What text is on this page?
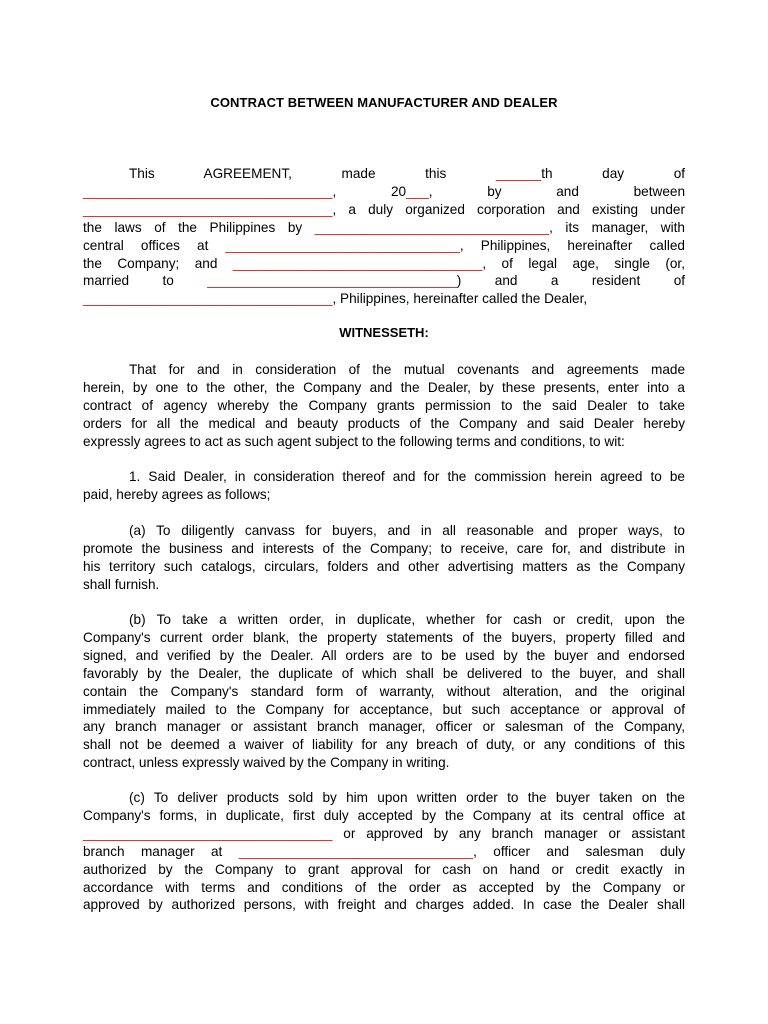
CONTRACT BETWEEN MANUFACTURER AND DEALER
This	AGREEMENT,	made	this	______th	day	of
_________________________________,	20___,	by	and	between
_________________________________, a duly organized corporation and existing under
the laws of the Philippines by _______________________________, its manager, with
central offices at _______________________________, Philippines, hereinafter called
the Company; and _________________________________, of legal age, single (or,
married to _________________________________) and a resident of
_________________________________, Philippines, hereinafter called the Dealer,
WITNESSETH:
That for and in consideration of the mutual covenants and agreements made
herein, by one to the other, the Company and the Dealer, by these presents, enter into a
contract of agency whereby the Company grants permission to the said Dealer to take
orders for all the medical and beauty products of the Company and said Dealer hereby
expressly agrees to act as such agent subject to the following terms and conditions, to wit:
1. Said Dealer, in consideration thereof and for the commission herein agreed to be
paid, hereby agrees as follows;
(a) To diligently canvass for buyers, and in all reasonable and proper ways, to
promote the business and interests of the Company; to receive, care for, and distribute in
his territory such catalogs, circulars, folders and other advertising matters as the Company
shall furnish.
(b) To take a written order, in duplicate, whether for cash or credit, upon the
Company's current order blank, the property statements of the buyers, property filled and
signed, and verified by the Dealer. All orders are to be used by the buyer and endorsed
favorably by the Dealer, the duplicate of which shall be delivered to the buyer, and shall
contain the Company's standard form of warranty, without alteration, and the original
immediately mailed to the Company for acceptance, but such acceptance or approval of
any branch manager or assistant branch manager, officer or salesman of the Company,
shall not be deemed a waiver of liability for any breach of duty, or any conditions of this
contract, unless expressly waived by the Company in writing.
(c) To deliver products sold by him upon written order to the buyer taken on the
Company's forms, in duplicate, first duly accepted by the Company at its central office at
_________________________________ or approved by any branch manager or assistant
branch manager at _______________________________, officer and salesman duly
authorized by the Company to grant approval for cash on hand or credit exactly in
accordance with terms and conditions of the order as accepted by the Company or
approved by authorized persons, with freight and charges added. In case the Dealer shall
